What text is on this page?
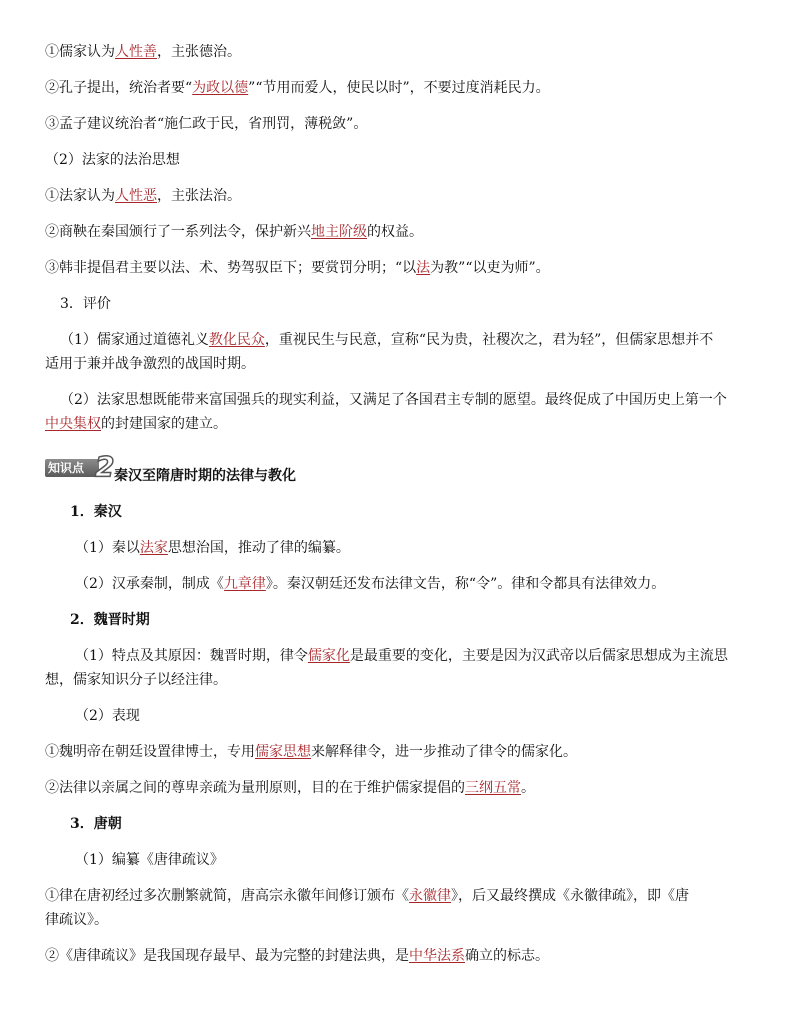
①儒家认为人性善，主张德治。
②孔子提出，统治者要“为政以德”“节用而爱人，使民以时”，不要过度消耗民力。
③孟子建议统治者“施仁政于民，省刑罚，薄税敛”。
（2）法家的法治思想
①法家认为人性恶，主张法治。
②商鞅在秦国颁行了一系列法令，保护新兴地主阶级的权益。
③韩非提倡君主要以法、术、势驾驭臣下；要赏罚分明；“以法为教”“以吏为师”。
3．评价
（1）儒家通过道德礼义教化民众，重视民生与民意，宣称“民为贵，社稷次之，君为轻”，但儒家思想并不
适用于兼并战争激烈的战国时期。
（2）法家思想既能带来富国强兵的现实利益，又满足了各国君主专制的愿望。最终促成了中国历史上第一个
中央集权的封建国家的建立。
知识点 2 秦汉至隋唐时期的法律与教化
1．秦汉
（1）秦以法家思想治国，推动了律的编纂。
（2）汉承秦制，制成《九章律》。秦汉朝廷还发布法律文告，称“令”。律和令都具有法律效力。
2．魏晋时期
（1）特点及其原因：魏晋时期，律令儒家化是最重要的变化，主要是因为汉武帝以后儒家思想成为主流思
想，儒家知识分子以经注律。
（2）表现
①魏明帝在朝廷设置律博士，专用儒家思想来解释律令，进一步推动了律令的儒家化。
②法律以亲属之间的尊卑亲疏为量刑原则，目的在于维护儒家提倡的三纲五常。
3．唐朝
（1）编纂《唐律疏议》
①律在唐初经过多次删繁就简，唐高宗永徽年间修订颁布《永徽律》，后又最终撰成《永徽律疏》，即《唐
律疏议》。
②《唐律疏议》是我国现存最早、最为完整的封建法典，是中华法系确立的标志。
